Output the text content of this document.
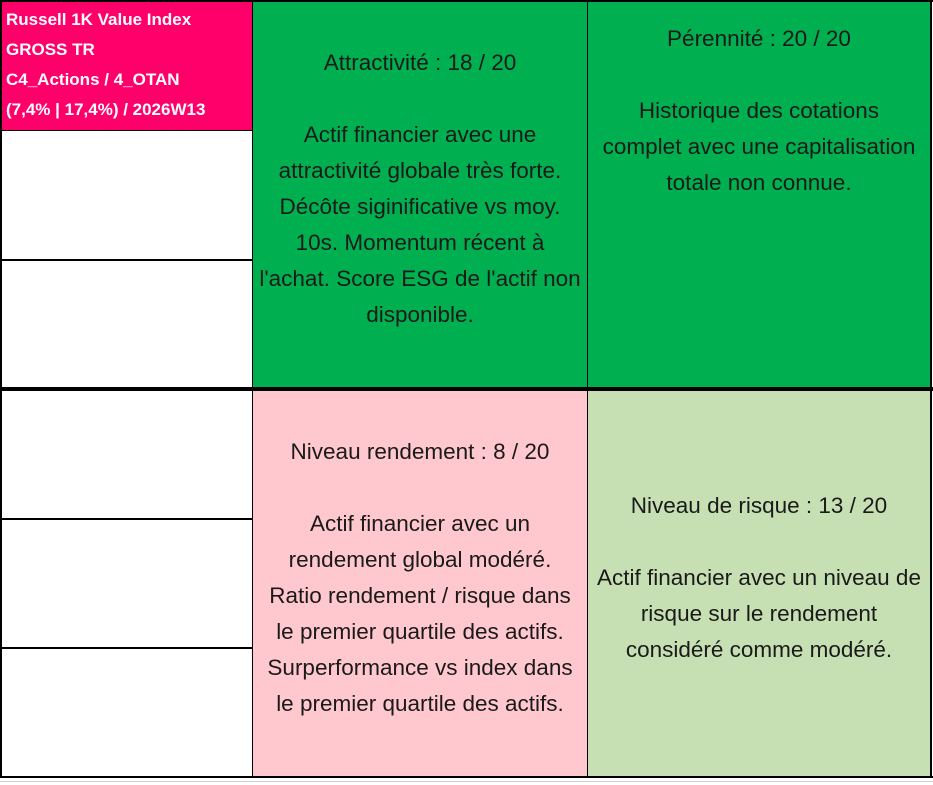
Russell 1K Value Index
GROSS TR
C4_Actions / 4_OTAN
(7,4% | 17,4%) / 2026W13
Attractivité : 18 / 20
Actif financier avec une
attractivité globale très forte.
Décôte siginificative vs moy.
10s. Momentum récent à
l'achat. Score ESG de l'actif non
disponible.
Pérennité : 20 / 20
Historique des cotations
complet avec une capitalisation
totale non connue.
Niveau rendement : 8 / 20
Actif financier avec un
rendement global modéré.
Ratio rendement / risque dans
le premier quartile des actifs.
Surperformance vs index dans
le premier quartile des actifs.
Niveau de risque : 13 / 20
Actif financier avec un niveau de
risque sur le rendement
considéré comme modéré.
